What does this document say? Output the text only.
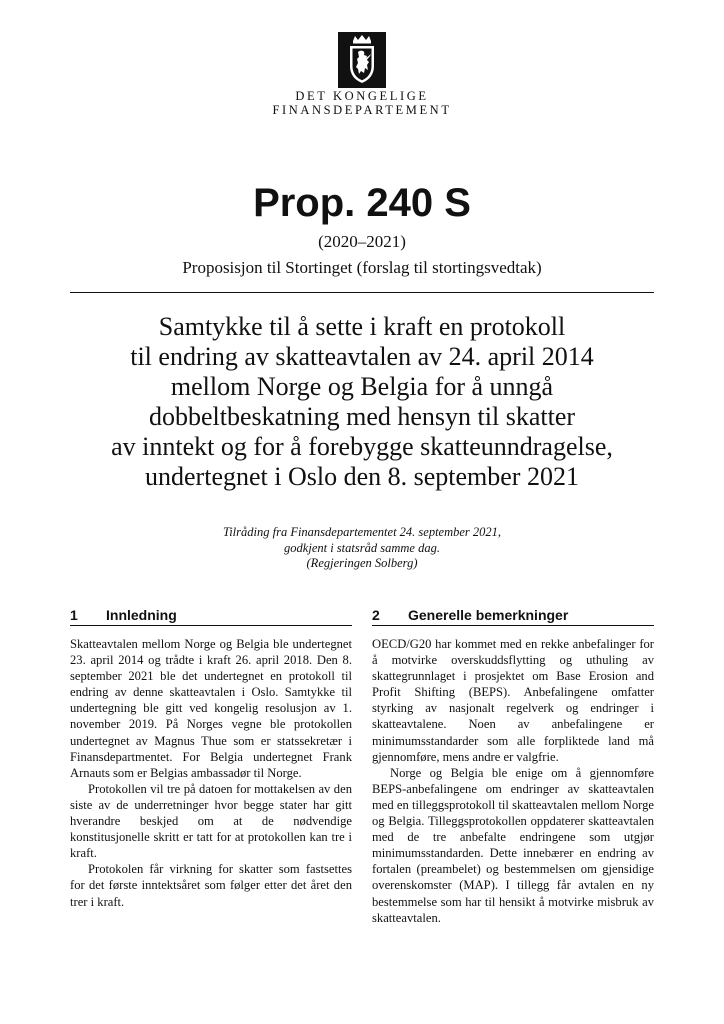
DET KONGELIGE
FINANSDEPARTEMENT
Prop. 240 S
(2020–2021)
Proposisjon til Stortinget (forslag til stortingsvedtak)
Samtykke til å sette i kraft en protokoll
til endring av skatteavtalen av 24. april 2014
mellom Norge og Belgia for å unngå
dobbeltbeskatning med hensyn til skatter
av inntekt og for å forebygge skatteunndragelse,
undertegnet i Oslo den 8. september 2021
Tilråding fra Finansdepartementet 24. september 2021,
godkjent i statsråd samme dag.
(Regjeringen Solberg)
1 Innledning

Skatteavtalen mellom Norge og Belgia ble undertegnet 23. april 2014 og trådte i kraft 26. april 2018. Den 8. september 2021 ble det undertegnet en protokoll til endring av denne skatteavtalen i Oslo. Samtykke til undertegning ble gitt ved kongelig resolusjon av 1. november 2019. På Norges vegne ble protokollen undertegnet av Magnus Thue som er statssekretær i Finansdepartmentet. For Belgia undertegnet Frank Arnauts som er Belgias ambassadør til Norge.

Protokollen vil tre på datoen for mottakelsen av den siste av de underretninger hvor begge stater har gitt hverandre beskjed om at de nødvendige konstitusjonelle skritt er tatt for at protokollen kan tre i kraft.

Protokolen får virkning for skatter som fastsettes for det første inntektsåret som følger etter det året den trer i kraft.

2 Generelle bemerkninger

OECD/G20 har kommet med en rekke anbefalinger for å motvirke overskuddsflytting og uthuling av skattegrunnlaget i prosjektet om Base Erosion and Profit Shifting (BEPS). Anbefalingene omfatter styrking av nasjonalt regelverk og endringer i skatteavtalene. Noen av anbefalingene er minimumsstandarder som alle forpliktede land må gjennomføre, mens andre er valgfrie.

Norge og Belgia ble enige om å gjennomføre BEPS-anbefalingene om endringer av skatteavtalen med en tilleggsprotokoll til skatteavtalen mellom Norge og Belgia. Tilleggsprotokollen oppdaterer skatteavtalen med de tre anbefalte endringene som utgjør minimumsstandarden. Dette innebærer en endring av fortalen (preambelet) og bestemmelsen om gjensidige overenskomster (MAP). I tillegg får avtalen en ny bestemmelse som har til hensikt å motvirke misbruk av skatteavtalen.
